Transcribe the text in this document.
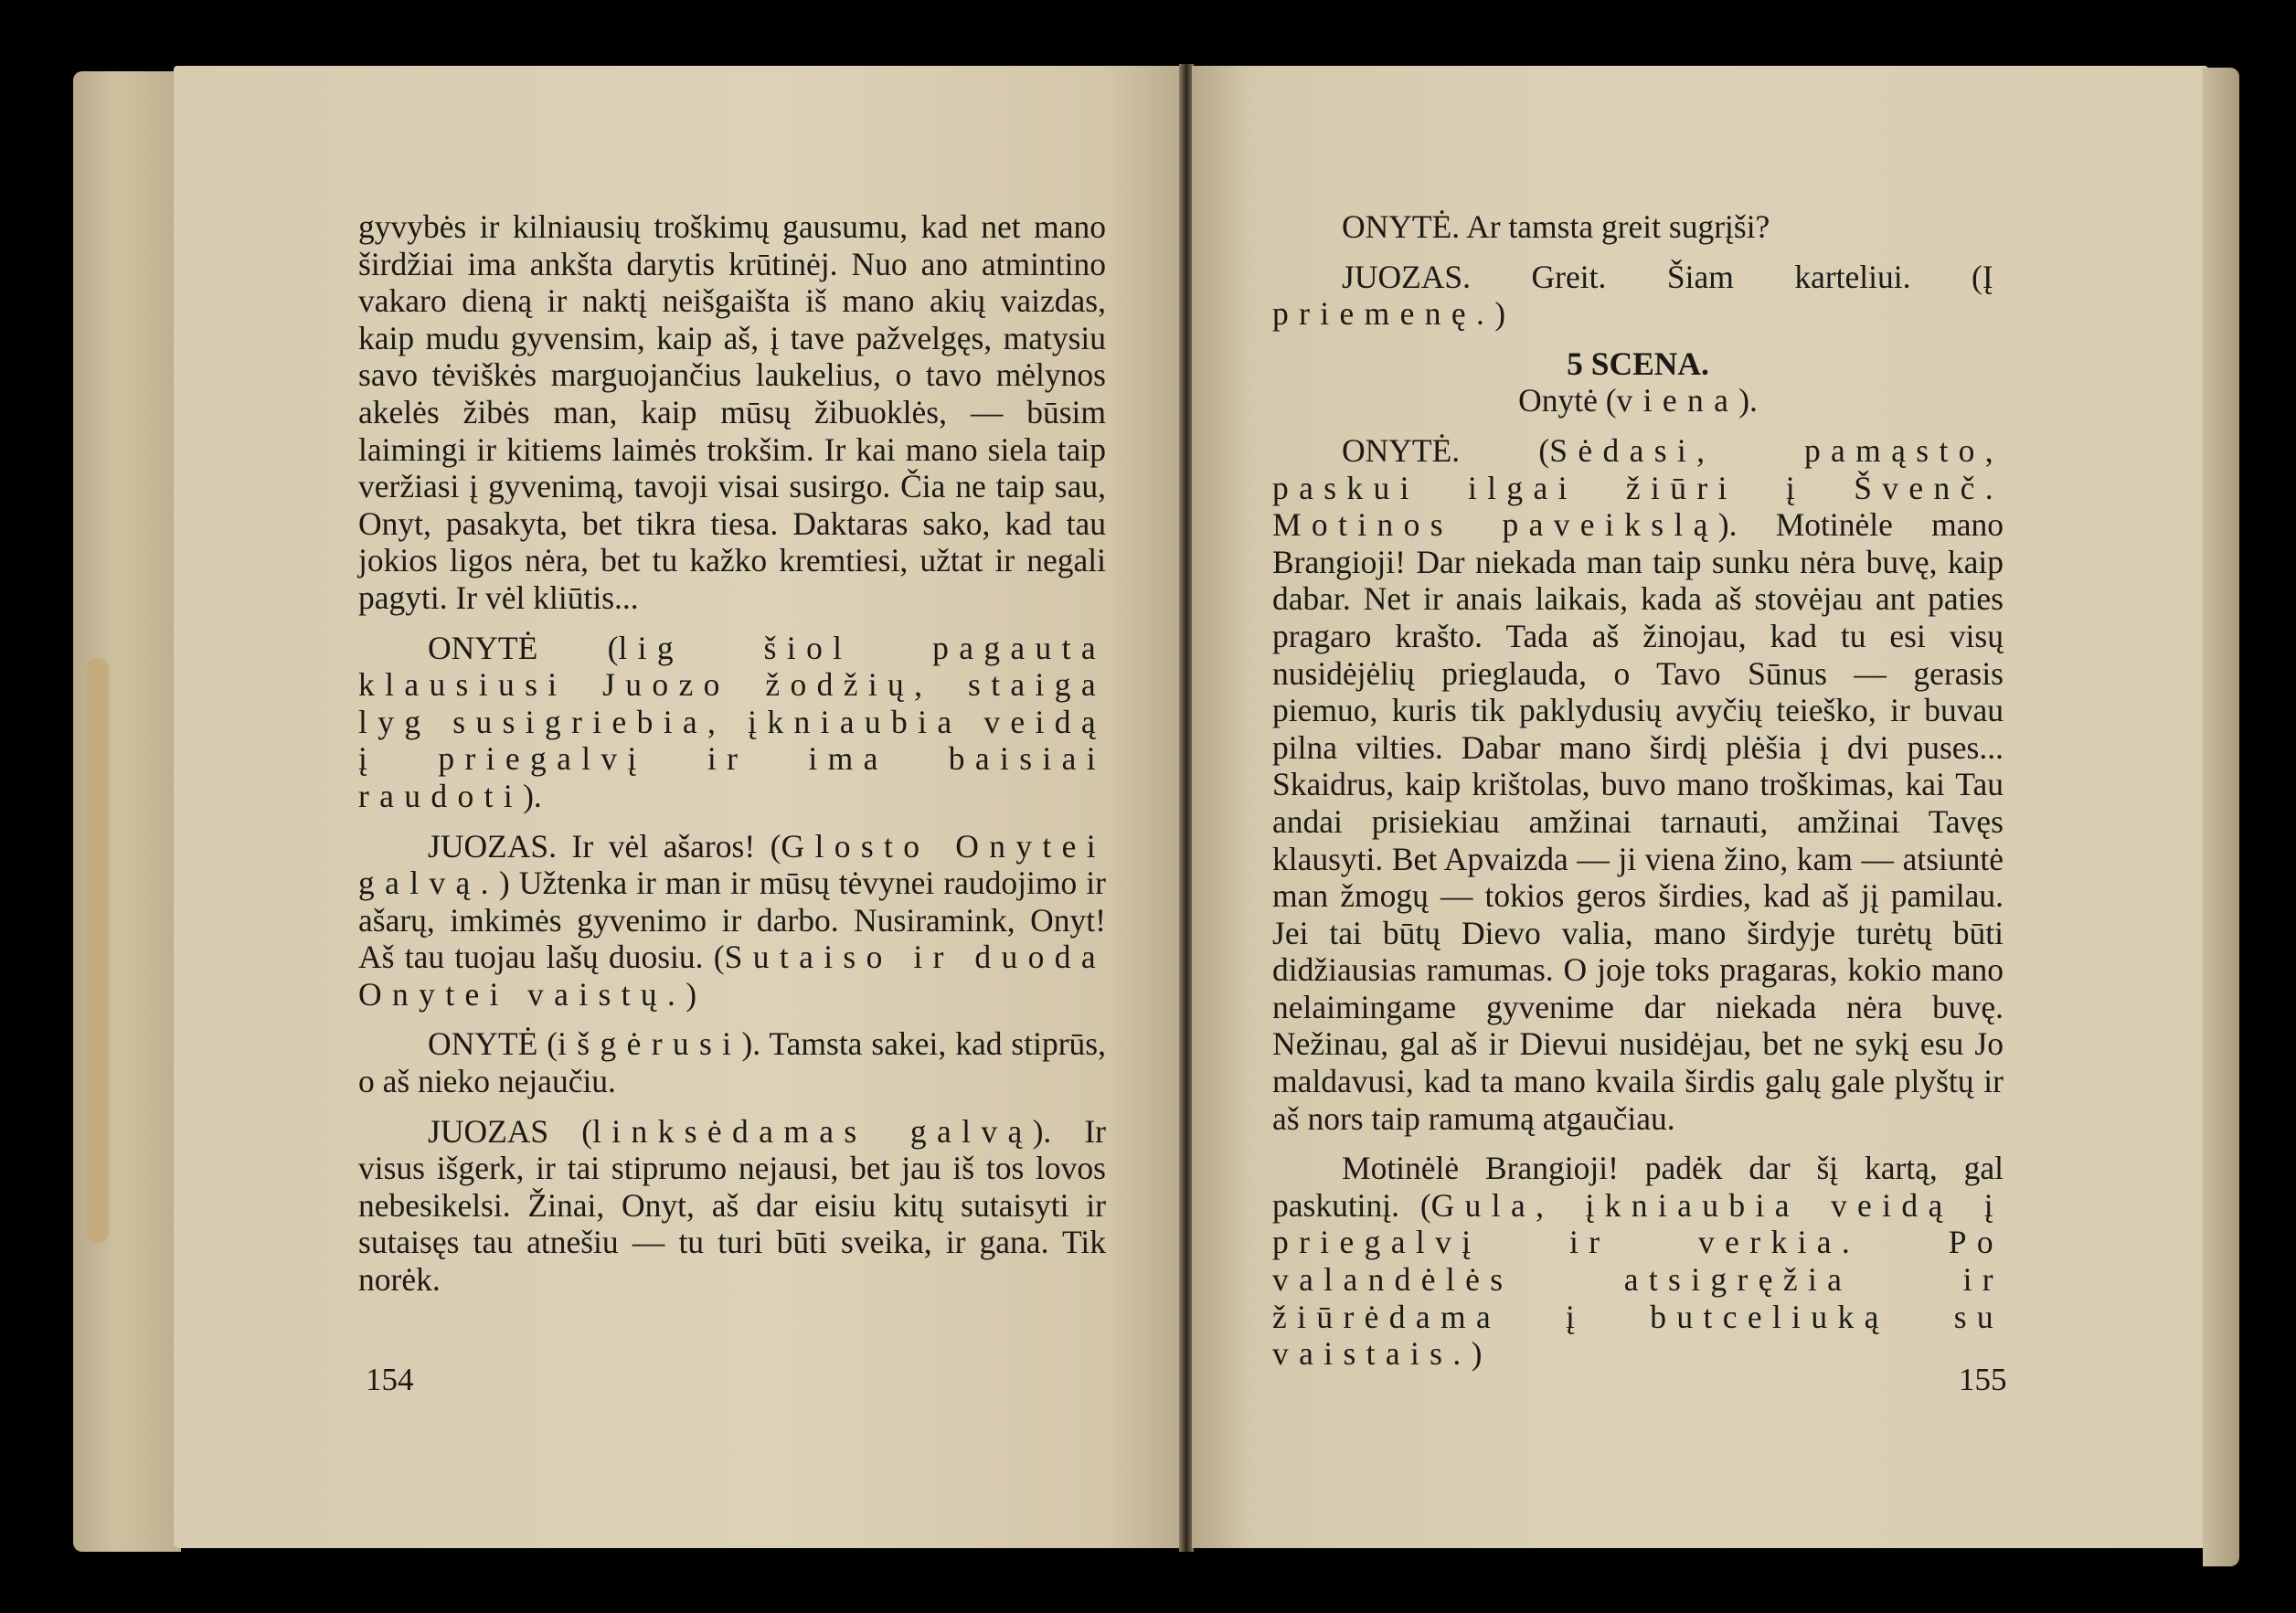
gyvybės ir kilniausių troškimų gausumu, kad net mano širdžiai ima ankšta darytis krūtinėj. Nuo ano atmintino vakaro dieną ir naktį neišgaišta iš mano akių vaizdas, kaip mudu gyvensim, kaip aš, į tave pažvelgęs, matysiu savo tėviškės marguojančius laukelius, o tavo mėlynos akelės žibės man, kaip mūsų žibuoklės, — būsim laimingi ir kitiems laimės trokšim. Ir kai mano siela taip veržiasi į gyvenimą, tavoji visai susirgo. Čia ne taip sau, Onyt, pasakyta, bet tikra tiesa. Daktaras sako, kad tau jokios ligos nėra, bet tu kažko kremtiesi, užtat ir negali pagyti. Ir vėl kliūtis...

ONYTĖ (lig šiol pagauta klausiusi Juozo žodžių, staiga lyg susigriebia, įkniaubia veidą į priegalvį ir ima baisiai raudoti).

JUOZAS. Ir vėl ašaros! (Glosto Onytei galvą.) Užtenka ir man ir mūsų tėvynei raudojimo ir ašarų, imkimės gyvenimo ir darbo. Nusiramink, Onyt! Aš tau tuojau lašų duosiu. (Sutaiso ir duoda Onytei vaistų.)

ONYTĖ (išgėrusi). Tamsta sakei, kad stiprūs, o aš nieko nejaučiu.

JUOZAS (linksėdamas galvą). Ir visus išgerk, ir tai stiprumo nejausi, bet jau iš tos lovos nebesikelsi. Žinai, Onyt, aš dar eisiu kitų sutaisyti ir sutaisęs tau atnešiu — tu turi būti sveika, ir gana. Tik norėk.

154

ONYTĖ. Ar tamsta greit sugrįši?

JUOZAS. Greit. Šiam karteliui. (Į priemenę.)

5 SCENA.

Onytė (viena).

ONYTĖ. (Sėdasi, pamąsto, paskui ilgai žiūri į Švenč. Motinos paveikslą). Motinėle mano Brangioji! Dar niekada man taip sunku nėra buvę, kaip dabar. Net ir anais laikais, kada aš stovėjau ant paties pragaro krašto. Tada aš žinojau, kad tu esi visų nusidėjėlių prieglauda, o Tavo Sūnus — gerasis piemuo, kuris tik paklydusių avyčių teieško, ir buvau pilna vilties. Dabar mano širdį plėšia į dvi puses... Skaidrus, kaip krištolas, buvo mano troškimas, kai Tau andai prisiekiau amžinai tarnauti, amžinai Tavęs klausyti. Bet Apvaizda — ji viena žino, kam — atsiuntė man žmogų — tokios geros širdies, kad aš jį pamilau. Jei tai būtų Dievo valia, mano širdyje turėtų būti didžiausias ramumas. O joje toks pragaras, kokio mano nelaimingame gyvenime dar niekada nėra buvę. Nežinau, gal aš ir Dievui nusidėjau, bet ne sykį esu Jo maldavusi, kad ta mano kvaila širdis galų gale plyštų ir aš nors taip ramumą atgaučiau.

Motinėlė Brangioji! padėk dar šį kartą, gal paskutinį. (Gula, įkniaubia veidą į priegalvį ir verkia. Po valandėlės atsigręžia ir žiūrėdama į butceliuką su vaistais.)

155
